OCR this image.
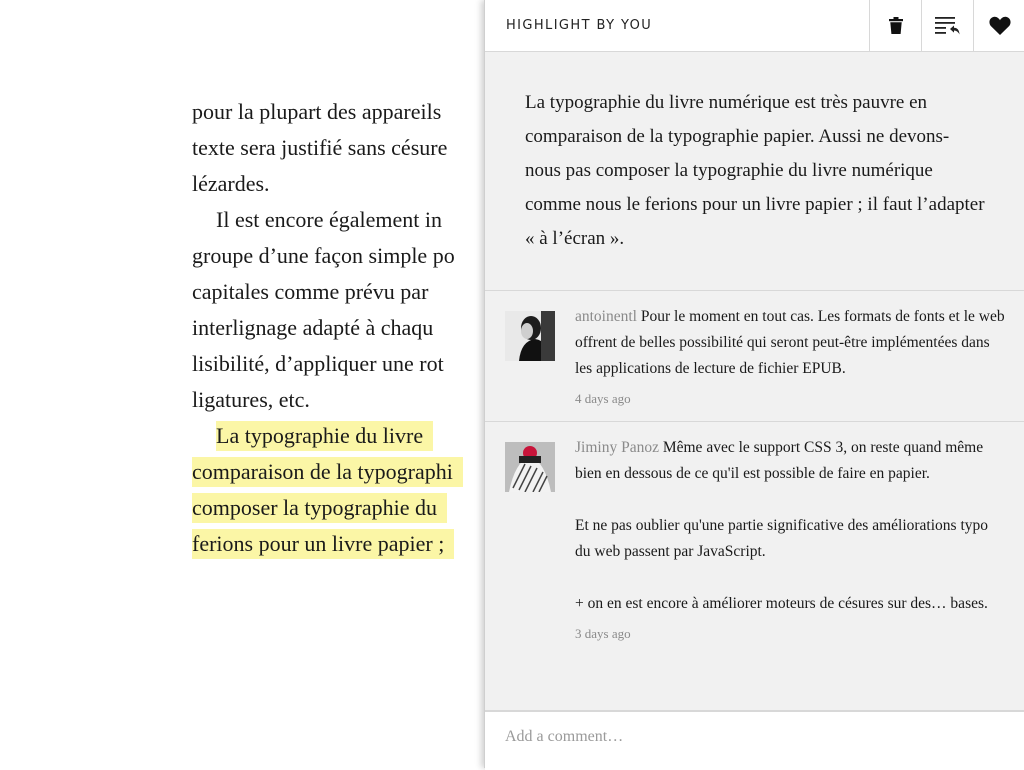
pour la plupart des appareils
texte sera justifié sans césure
lézardes.
Il est encore également in
groupe d’une façon simple po
capitales comme prévu par
interlignage adapté à chaqu
lisibilité, d’appliquer une rot
ligatures, etc.
La typographie du livre
comparaison de la typographi
composer la typographie du
ferions pour un livre papier ;
HIGHLIGHT BY YOU
La typographie du livre numérique est très pauvre en comparaison de la typographie papier. Aussi ne devons-nous pas composer la typographie du livre numérique comme nous le ferions pour un livre papier ; il faut l’adapter « à l’écran ».

antoinentl Pour le moment en tout cas. Les formats de fonts et le web offrent de belles possibilité qui seront peut-être implémentées dans les applications de lecture de fichier EPUB.

4 days ago

Jiminy Panoz Même avec le support CSS 3, on reste quand même bien en dessous de ce qu'il est possible de faire en papier.

Et ne pas oublier qu'une partie significative des améliorations typo du web passent par JavaScript.

+ on en est encore à améliorer moteurs de césures sur des… bases.

3 days ago
Add a comment…
